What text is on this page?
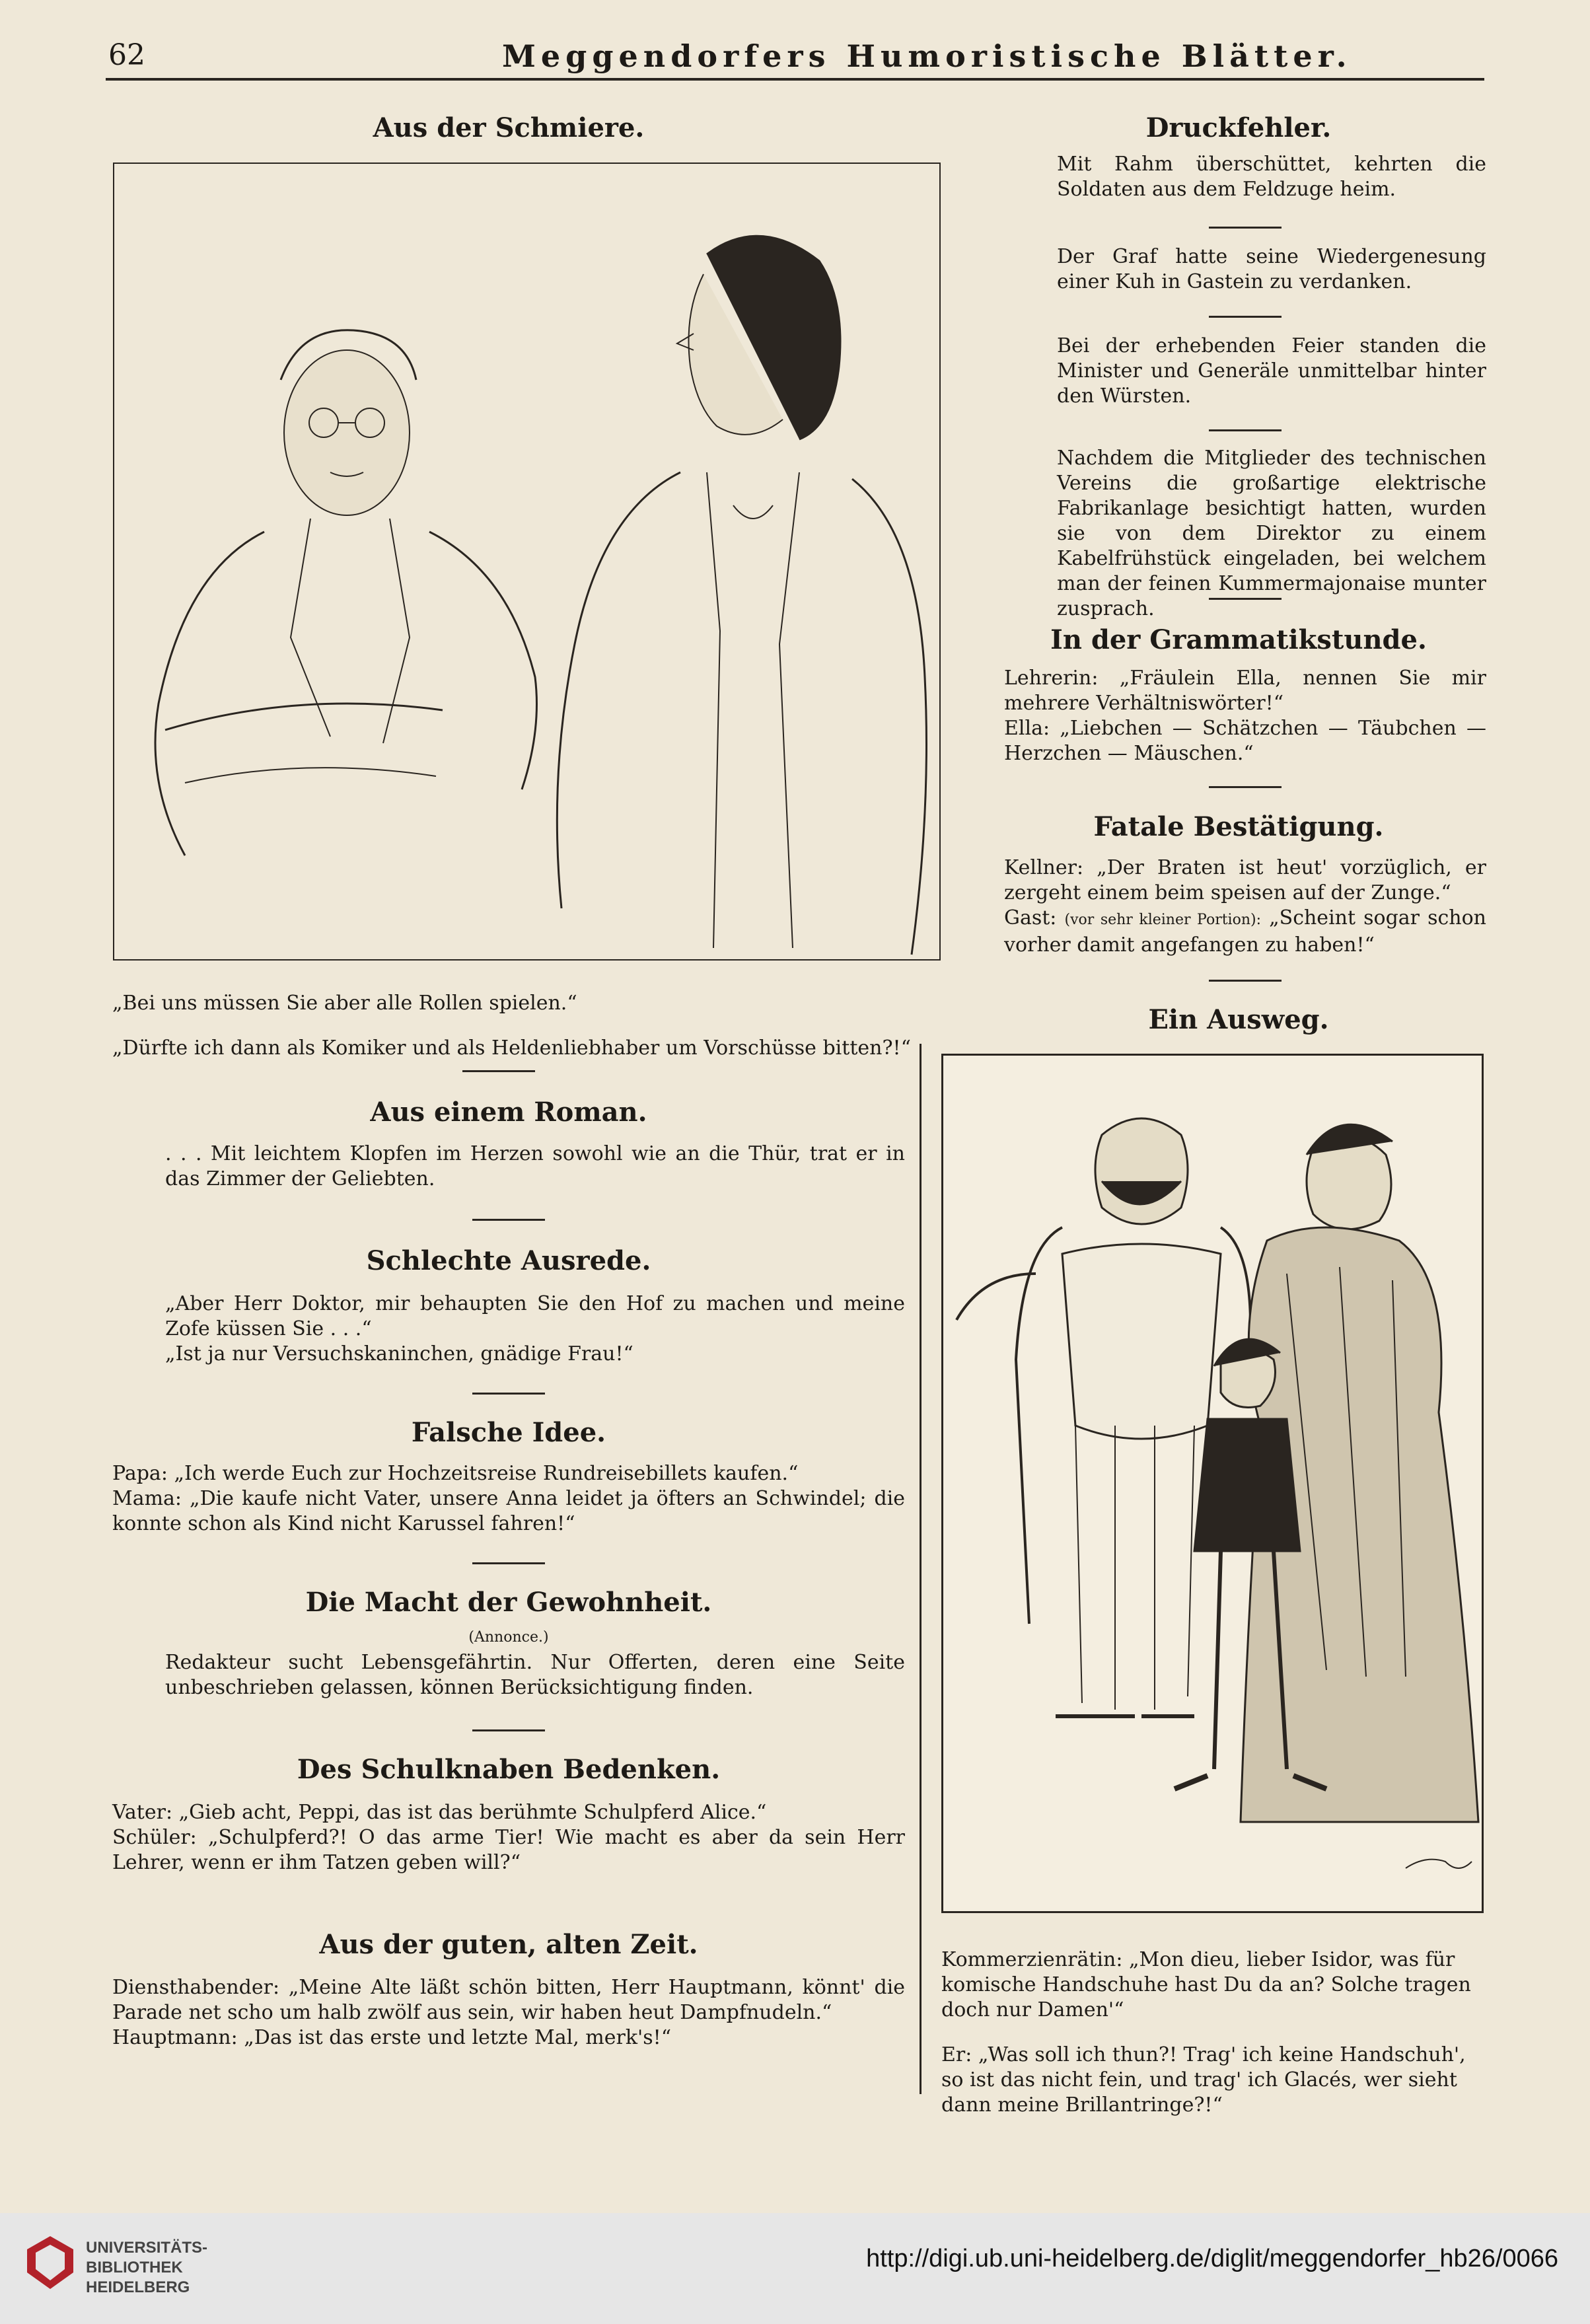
62	Meggendorfers Humoristische Blätter.
Aus der Schmiere.

„Bei uns müssen Sie aber alle Rollen spielen.“

„Dürfte ich dann als Komiker und als Heldenliebhaber um Vorschüsse bitten?!“

Aus einem Roman.

. . . Mit leichtem Klopfen im Herzen sowohl wie an die Thür, trat er in das Zimmer der Geliebten.

Schlechte Ausrede.

„Aber Herr Doktor, mir behaupten Sie den Hof zu machen und meine Zofe küssen Sie . . .“

„Ist ja nur Versuchskaninchen, gnädige Frau!“

Falsche Idee.

Papa: „Ich werde Euch zur Hochzeitsreise Rundreisebillets kaufen.“

Mama: „Die kaufe nicht Vater, unsere Anna leidet ja öfters an Schwindel; die konnte schon als Kind nicht Karussel fahren!“

Die Macht der Gewohnheit.
(Annonce.)

Redakteur sucht Lebensgefährtin. Nur Offerten, deren eine Seite unbeschrieben gelassen, können Berücksichtigung finden.

Des Schulknaben Bedenken.

Vater: „Gieb acht, Peppi, das ist das berühmte Schulpferd Alice.“

Schüler: „Schulpferd?! O das arme Tier! Wie macht es aber da sein Herr Lehrer, wenn er ihm Tatzen geben will?“

Aus der guten, alten Zeit.

Diensthabender: „Meine Alte läßt schön bitten, Herr Hauptmann, könnt' die Parade net scho um halb zwölf aus sein, wir haben heut Dampfnudeln.“

Hauptmann: „Das ist das erste und letzte Mal, merk's!“

Druckfehler.

Mit Rahm überschüttet, kehrten die Soldaten aus dem Feldzuge heim.

Der Graf hatte seine Wiedergenesung einer Kuh in Gastein zu verdanken.

Bei der erhebenden Feier standen die Minister und Generäle unmittelbar hinter den Würsten.

Nachdem die Mitglieder des technischen Vereins die großartige elektrische Fabrikanlage besichtigt hatten, wurden sie von dem Direktor zu einem Kabelfrühstück eingeladen, bei welchem man der feinen Kummermajonaise munter zusprach.

In der Grammatikstunde.

Lehrerin: „Fräulein Ella, nennen Sie mir mehrere Verhältniswörter!“

Ella: „Liebchen — Schätzchen — Täubchen — Herzchen — Mäuschen.“

Fatale Bestätigung.

Kellner: „Der Braten ist heut' vorzüglich, er zergeht einem beim speisen auf der Zunge.“

Gast: (vor sehr kleiner Portion): „Scheint sogar schon vorher damit angefangen zu haben!“

Ein Ausweg.

Kommerzienrätin: „Mon dieu, lieber Isidor, was für komische Handschuhe hast Du da an? Solche tragen doch nur Damen'“

Er: „Was soll ich thun?! Trag' ich keine Handschuh', so ist das nicht fein, und trag' ich Glacés, wer sieht dann meine Brillantringe?!“

UNIVERSITÄTS-
BIBLIOTHEK
HEIDELBERG
http://digi.ub.uni-heidelberg.de/diglit/meggendorfer_hb26/0066
